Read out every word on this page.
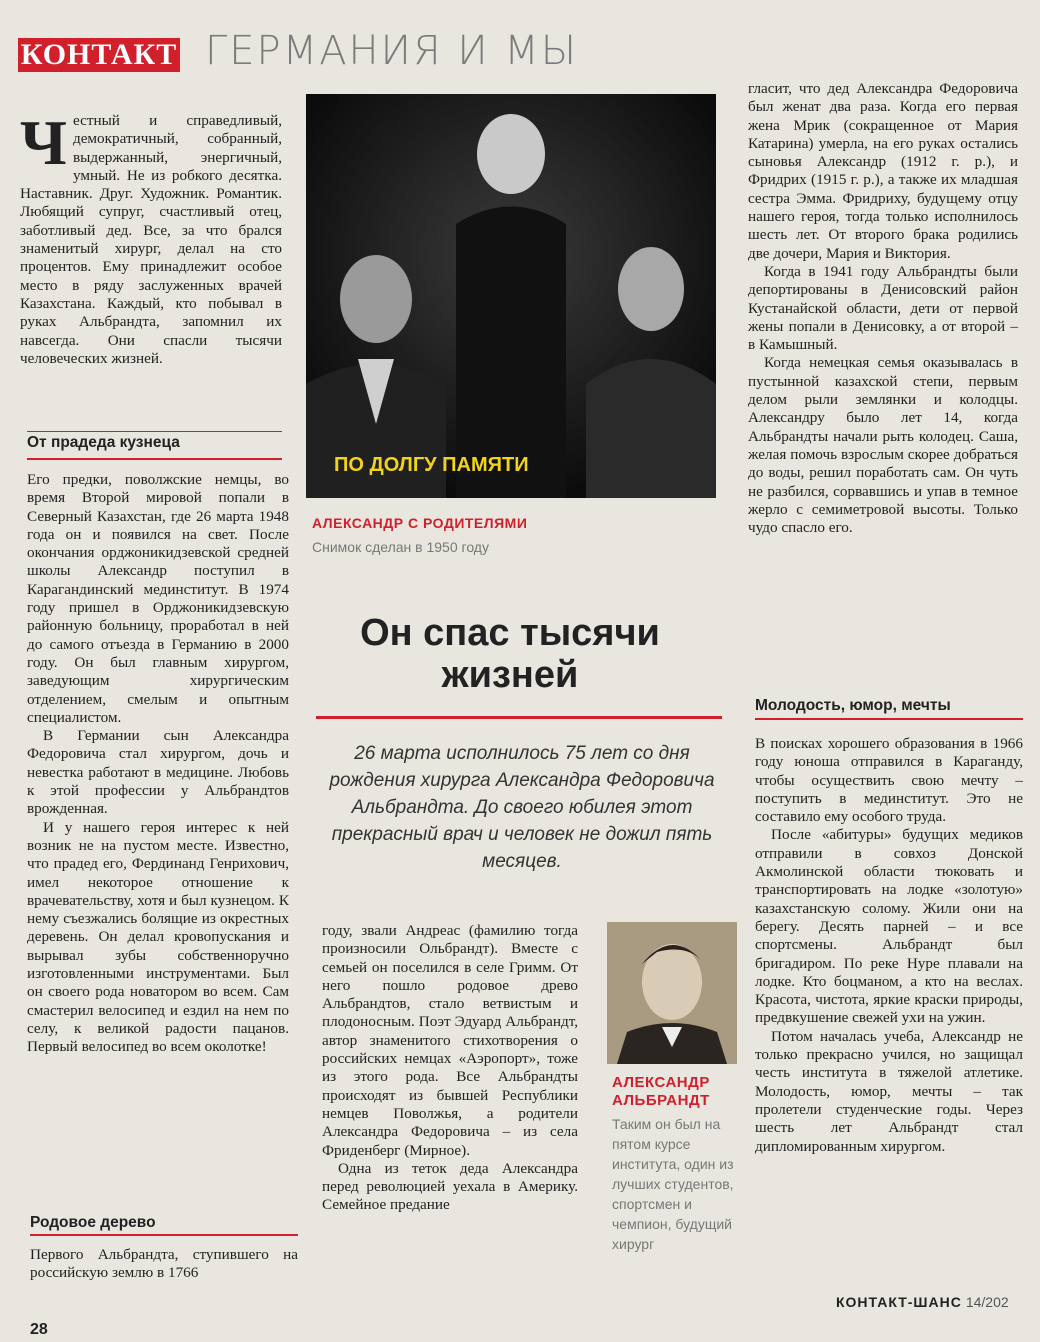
КОНТАКТ ГЕРМАНИЯ И МЫ
Честный и справедливый, демократичный, собранный, выдержанный, энергичный, умный. Не из робкого десятка. Наставник. Друг. Художник. Романтик. Любящий супруг, счастливый отец, заботливый дед. Все, за что брался знаменитый хирург, делал на сто процентов. Ему принадлежит особое место в ряду заслуженных врачей Казахстана. Каждый, кто побывал в руках Альбрандта, запомнил их навсегда. Они спасли тысячи человеческих жизней.
От прадеда кузнеца

Его предки, поволжские немцы, во время Второй мировой попали в Северный Казахстан, где 26 марта 1948 года он и появился на свет. После окончания орджоникидзевской средней школы Александр поступил в Карагандинский мединститут. В 1974 году пришел в Орджоникидзевскую районную больницу, проработал в ней до самого отъезда в Германию в 2000 году. Он был главным хирургом, заведующим хирургическим отделением, смелым и опытным специалистом.

В Германии сын Александра Федоровича стал хирургом, дочь и невестка работают в медицине. Любовь к этой профессии у Альбрандтов врожденная.

И у нашего героя интерес к ней возник не на пустом месте. Известно, что прадед его, Фердинанд Генрихович, имел некоторое отношение к врачевательству, хотя и был кузнецом. К нему съезжались болящие из окрестных деревень. Он делал кровопускания и вырывал зубы собственноручно изготовленными инструментами. Был он своего рода новатором во всем. Сам смастерил велосипед и ездил на нем по селу, к великой радости пацанов. Первый велосипед во всем околотке!

Родовое дерево

Первого Альбрандта, ступившего на российскую землю в 1766

ПО ДОЛГУ ПАМЯТИ
АЛЕКСАНДР С РОДИТЕЛЯМИ
Снимок сделан в 1950 году
Он спас тысячи жизней
26 марта исполнилось 75 лет со дня рождения хирурга Александра Федоровича Альбрандта. До своего юбилея этот прекрасный врач и человек не дожил пять месяцев.

году, звали Андреас (фамилию тогда произносили Ольбрандт). Вместе с семьей он поселился в селе Гримм. От него пошло родовое древо Альбрандтов, стало ветвистым и плодоносным. Поэт Эдуард Альбрандт, автор знаменитого стихотворения о российских немцах «Аэропорт», тоже из этого рода. Все Альбрандты происходят из бывшей Республики немцев Поволжья, а родители Александра Федоровича – из села Фриденберг (Мирное).

Одна из теток деда Александра перед революцией уехала в Америку. Семейное предание

АЛЕКСАНДР АЛЬБРАНДТ
Таким он был на пятом курсе института, один из лучших студентов, спортсмен и чемпион, будущий хирург

гласит, что дед Александра Федоровича был женат два раза. Когда его первая жена Мрик (сокращенное от Мария Катарина) умерла, на его руках остались сыновья Александр (1912 г. р.), и Фридрих (1915 г. р.), а также их младшая сестра Эмма. Фридриху, будущему отцу нашего героя, тогда только исполнилось шесть лет. От второго брака родились две дочери, Мария и Виктория.

Когда в 1941 году Альбрандты были депортированы в Денисовский район Кустанайской области, дети от первой жены попали в Денисовку, а от второй – в Камышный.

Когда немецкая семья оказывалась в пустынной казахской степи, первым делом рыли землянки и колодцы. Александру было лет 14, когда Альбрандты начали рыть колодец. Саша, желая помочь взрослым скорее добраться до воды, решил поработать сам. Он чуть не разбился, сорвавшись и упав в темное жерло с семиметровой высоты. Только чудо спасло его.

Молодость, юмор, мечты

В поисках хорошего образования в 1966 году юноша отправился в Караганду, чтобы осуществить свою мечту – поступить в мединститут. Это не составило ему особого труда.

После «абитуры» будущих медиков отправили в совхоз Донской Акмолинской области тюковать и транспортировать на лодке «золотую» казахстанскую солому. Жили они на берегу. Десять парней – и все спортсмены. Альбрандт был бригадиром. По реке Нуре плавали на лодке. Кто боцманом, а кто на веслах. Красота, чистота, яркие краски природы, предвкушение свежей ухи на ужин.

Потом началась учеба, Александр не только прекрасно учился, но защищал честь института в тяжелой атлетике. Молодость, юмор, мечты – так пролетели студенческие годы. Через шесть лет Альбрандт стал дипломированным хирургом.

28
КОНТАКТ-ШАНС 14/202
